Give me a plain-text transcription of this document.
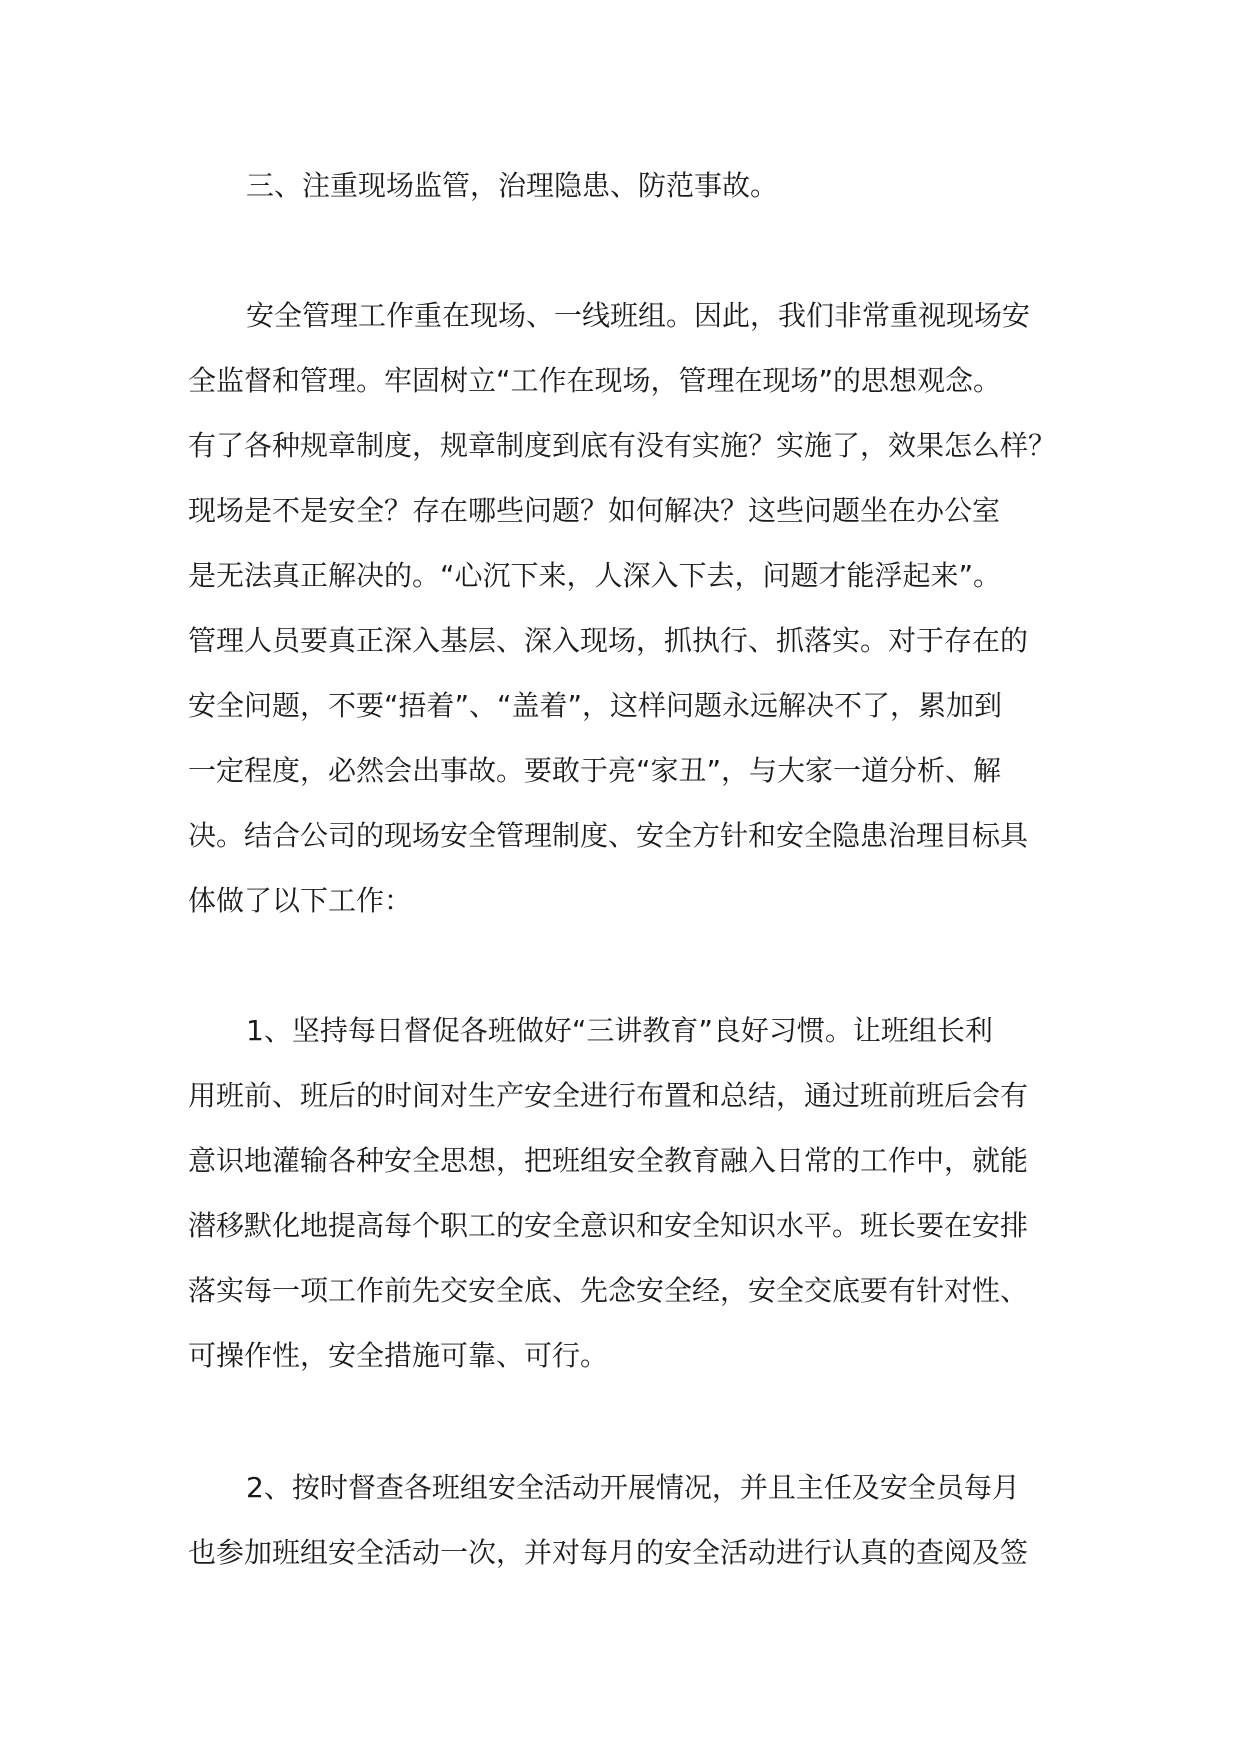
三、注重现场监管，治理隐患、防范事故。
安全管理工作重在现场、一线班组。因此，我们非常重视现场安
全监督和管理。牢固树立“工作在现场，管理在现场”的思想观念。
有了各种规章制度，规章制度到底有没有实施？实施了，效果怎么样？
现场是不是安全？存在哪些问题？如何解决？这些问题坐在办公室
是无法真正解决的。“心沉下来，人深入下去，问题才能浮起来”。
管理人员要真正深入基层、深入现场，抓执行、抓落实。对于存在的
安全问题，不要“捂着”、“盖着”，这样问题永远解决不了，累加到
一定程度，必然会出事故。要敢于亮“家丑”，与大家一道分析、解
决。结合公司的现场安全管理制度、安全方针和安全隐患治理目标具
体做了以下工作：
1、坚持每日督促各班做好“三讲教育”良好习惯。让班组长利
用班前、班后的时间对生产安全进行布置和总结，通过班前班后会有
意识地灌输各种安全思想，把班组安全教育融入日常的工作中，就能
潜移默化地提高每个职工的安全意识和安全知识水平。班长要在安排
落实每一项工作前先交安全底、先念安全经，安全交底要有针对性、
可操作性，安全措施可靠、可行。
2、按时督查各班组安全活动开展情况，并且主任及安全员每月
也参加班组安全活动一次，并对每月的安全活动进行认真的查阅及签
